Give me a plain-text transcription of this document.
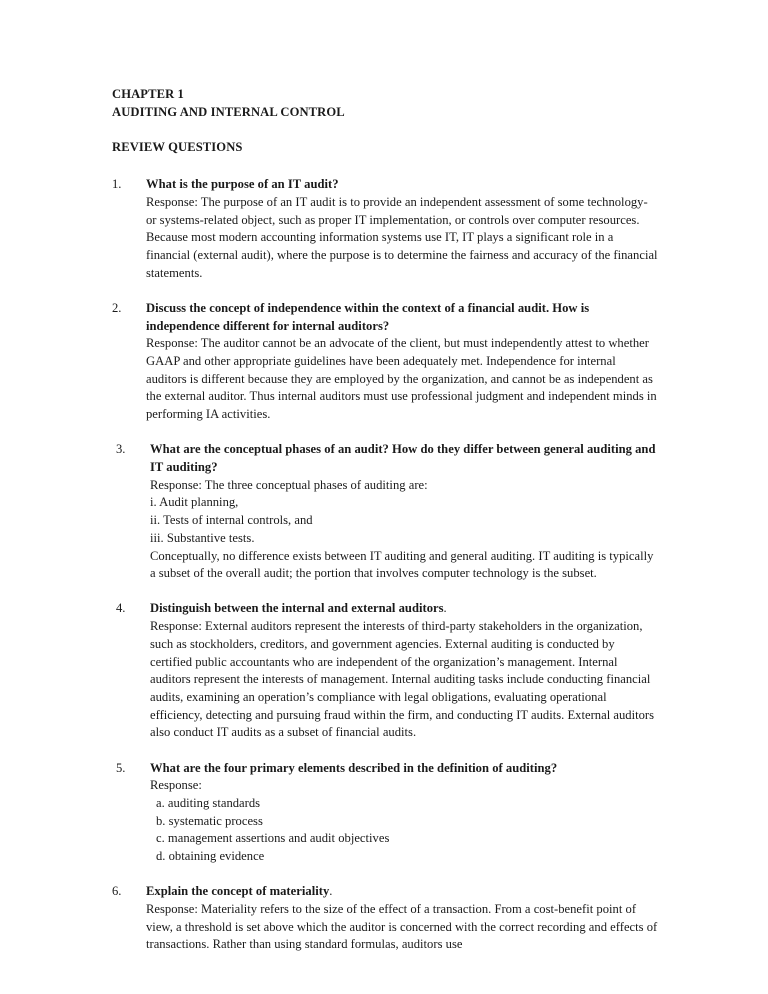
CHAPTER 1
AUDITING AND INTERNAL CONTROL
REVIEW QUESTIONS
1. What is the purpose of an IT audit?
Response: The purpose of an IT audit is to provide an independent assessment of some technology- or systems-related object, such as proper IT implementation, or controls over computer resources. Because most modern accounting information systems use IT, IT plays a significant role in a financial (external audit), where the purpose is to determine the fairness and accuracy of the financial statements.
2. Discuss the concept of independence within the context of a financial audit. How is independence different for internal auditors?
Response: The auditor cannot be an advocate of the client, but must independently attest to whether GAAP and other appropriate guidelines have been adequately met. Independence for internal auditors is different because they are employed by the organization, and cannot be as independent as the external auditor. Thus internal auditors must use professional judgment and independent minds in performing IA activities.
3. What are the conceptual phases of an audit? How do they differ between general auditing and IT auditing?
Response: The three conceptual phases of auditing are:
i. Audit planning,
ii. Tests of internal controls, and
iii. Substantive tests.
Conceptually, no difference exists between IT auditing and general auditing. IT auditing is typically a subset of the overall audit; the portion that involves computer technology is the subset.
4. Distinguish between the internal and external auditors.
Response: External auditors represent the interests of third-party stakeholders in the organization, such as stockholders, creditors, and government agencies. External auditing is conducted by certified public accountants who are independent of the organization’s management. Internal auditors represent the interests of management. Internal auditing tasks include conducting financial audits, examining an operation’s compliance with legal obligations, evaluating operational efficiency, detecting and pursuing fraud within the firm, and conducting IT audits. External auditors also conduct IT audits as a subset of financial audits.
5. What are the four primary elements described in the definition of auditing?
Response:
a. auditing standards
b. systematic process
c. management assertions and audit objectives
d. obtaining evidence
6. Explain the concept of materiality.
Response: Materiality refers to the size of the effect of a transaction. From a cost-benefit point of view, a threshold is set above which the auditor is concerned with the correct recording and effects of transactions. Rather than using standard formulas, auditors use
